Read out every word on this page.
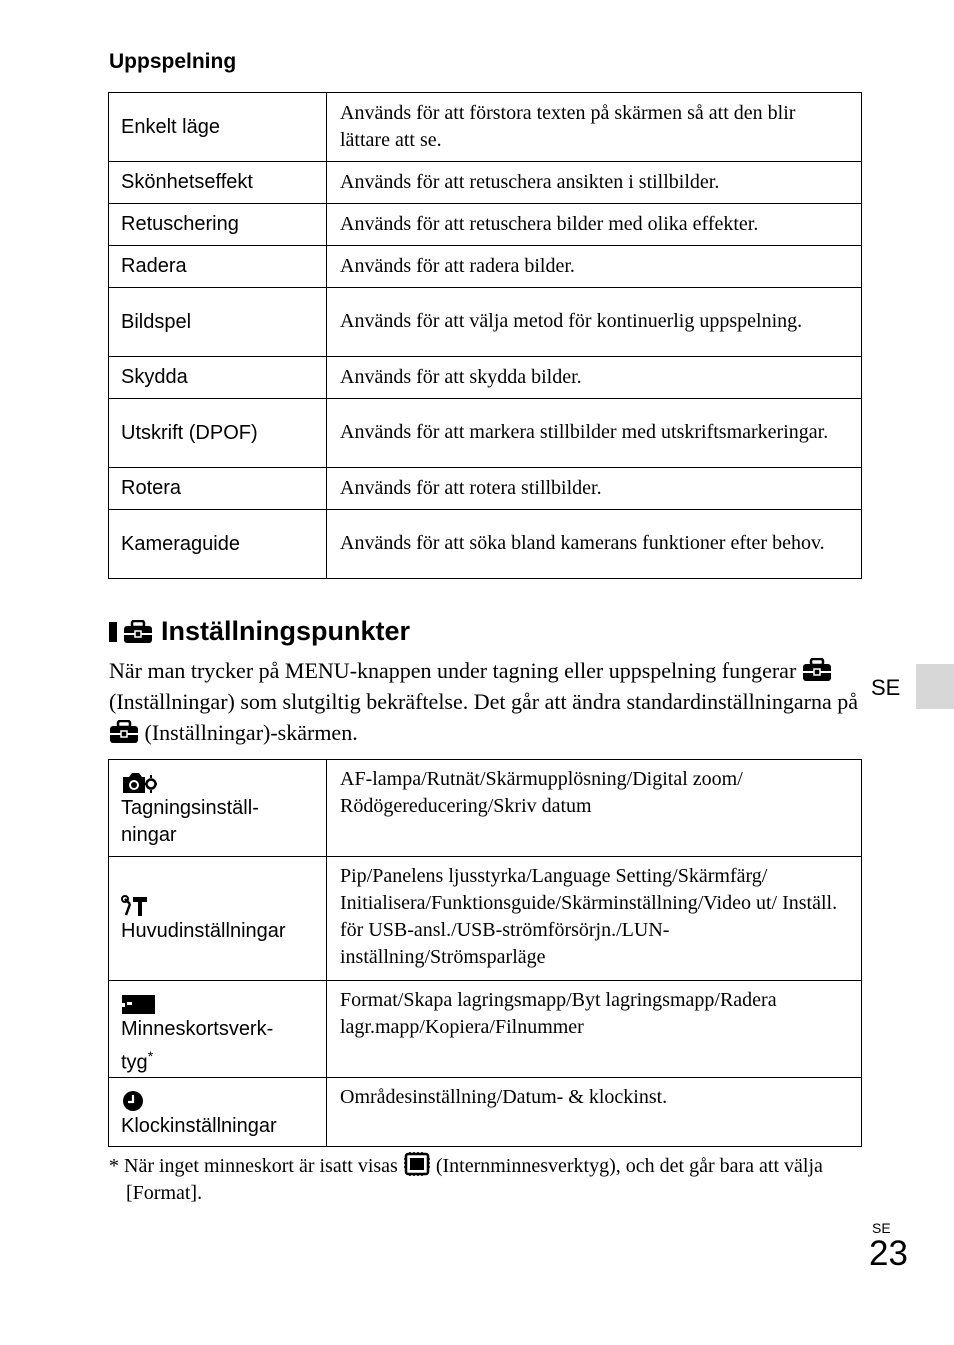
Uppspelning
Enkelt läge	Används för att förstora texten på skärmen så att den blir lättare att se.
Skönhetseffekt	Används för att retuschera ansikten i stillbilder.
Retuschering	Används för att retuschera bilder med olika effekter.
Radera	Används för att radera bilder.
Bildspel	Används för att välja metod för kontinuerlig uppspelning.
Skydda	Används för att skydda bilder.
Utskrift (DPOF)	Används för att markera stillbilder med utskriftsmarkeringar.
Rotera	Används för att rotera stillbilder.
Kameraguide	Används för att söka bland kamerans funktioner efter behov.
Inställningspunkter
När man trycker på MENU-knappen under tagning eller uppspelning fungerar  (Inställningar) som slutgiltig bekräftelse. Det går att ändra standardinställningarna på  (Inställningar)-skärmen.
Tagningsinställ-
ningar	AF-lampa/Rutnät/Skärmupplösning/Digital zoom/ Rödögereducering/Skriv datum

Huvudinställningar	Pip/Panelens ljusstyrka/Language Setting/Skärmfärg/ Initialisera/Funktionsguide/Skärminställning/Video ut/ Inställ. för USB-ansl./USB-strömförsörjn./LUN-inställning/Strömsparläge

Minneskortsverk-
tyg*	Format/Skapa lagringsmapp/Byt lagringsmapp/Radera lagr.mapp/Kopiera/Filnummer

Klockinställningar	Områdesinställning/Datum- & klockinst.
* När inget minneskort är isatt visas (Internminnesverktyg), och det går bara att välja [Format].
SE
SE
23
